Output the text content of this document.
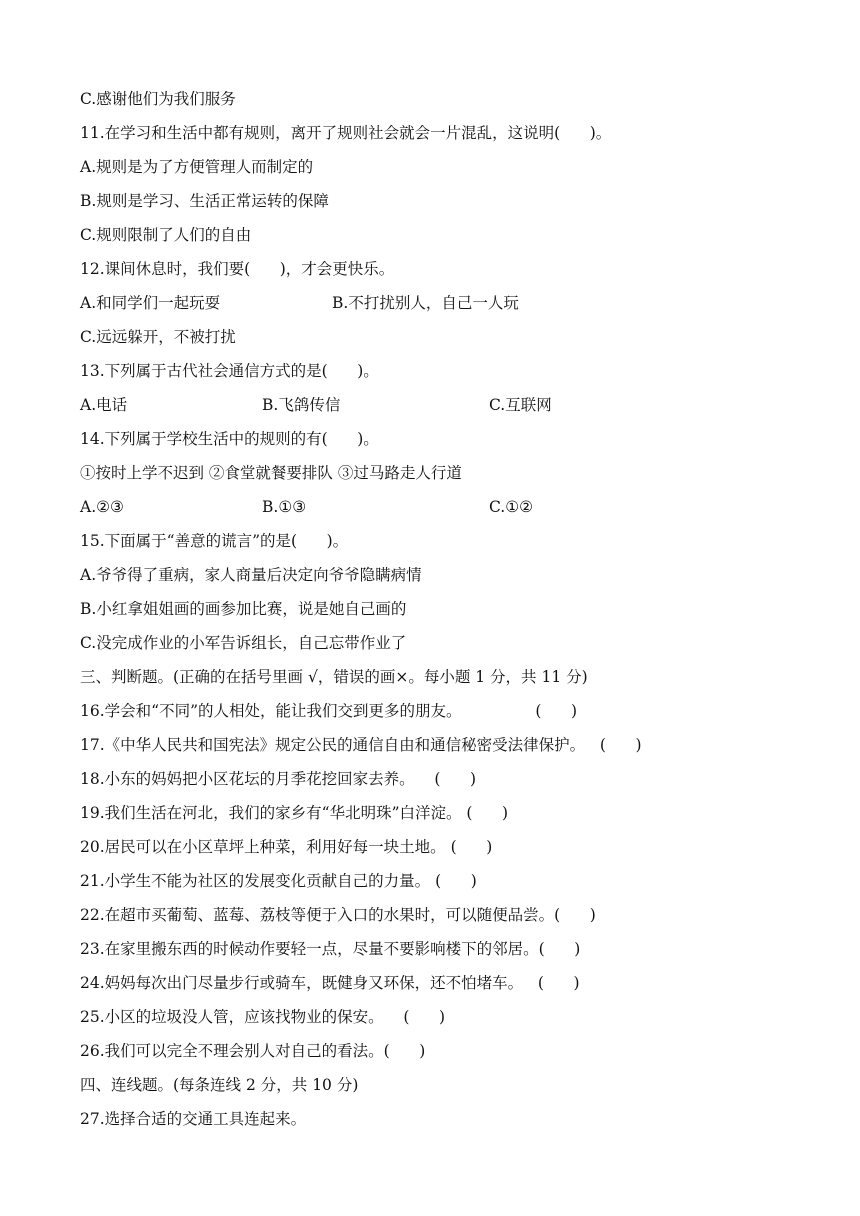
C.感谢他们为我们服务
11.在学习和生活中都有规则，离开了规则社会就会一片混乱，这说明(      )。
A.规则是为了方便管理人而制定的
B.规则是学习、生活正常运转的保障
C.规则限制了人们的自由
12.课间休息时，我们要(      )，才会更快乐。
A.和同学们一起玩耍	B.不打扰别人，自己一人玩
C.远远躲开，不被打扰
13.下列属于古代社会通信方式的是(      )。
A.电话	B.飞鸽传信	C.互联网
14.下列属于学校生活中的规则的有(      )。
①按时上学不迟到 ②食堂就餐要排队 ③过马路走人行道
A.②③	B.①③	C.①②
15.下面属于“善意的谎言”的是(      )。
A.爷爷得了重病，家人商量后决定向爷爷隐瞒病情
B.小红拿姐姐画的画参加比赛，说是她自己画的
C.没完成作业的小军告诉组长，自己忘带作业了
三、判断题。(正确的在括号里画 √，错误的画×。每小题 1 分，共 11 分)
16.学会和“不同”的人相处，能让我们交到更多的朋友。               (      )
17.《中华人民共和国宪法》规定公民的通信自由和通信秘密受法律保护。   (      )
18.小东的妈妈把小区花坛的月季花挖回家去养。    (      )
19.我们生活在河北，我们的家乡有“华北明珠”白洋淀。 (      )
20.居民可以在小区草坪上种菜，利用好每一块土地。 (      )
21.小学生不能为社区的发展变化贡献自己的力量。 (      )
22.在超市买葡萄、蓝莓、荔枝等便于入口的水果时，可以随便品尝。(      )
23.在家里搬东西的时候动作要轻一点，尽量不要影响楼下的邻居。(      )
24.妈妈每次出门尽量步行或骑车，既健身又环保，还不怕堵车。   (      )
25.小区的垃圾没人管，应该找物业的保安。    (      )
26.我们可以完全不理会别人对自己的看法。(      )
四、连线题。(每条连线 2 分，共 10 分)
27.选择合适的交通工具连起来。
